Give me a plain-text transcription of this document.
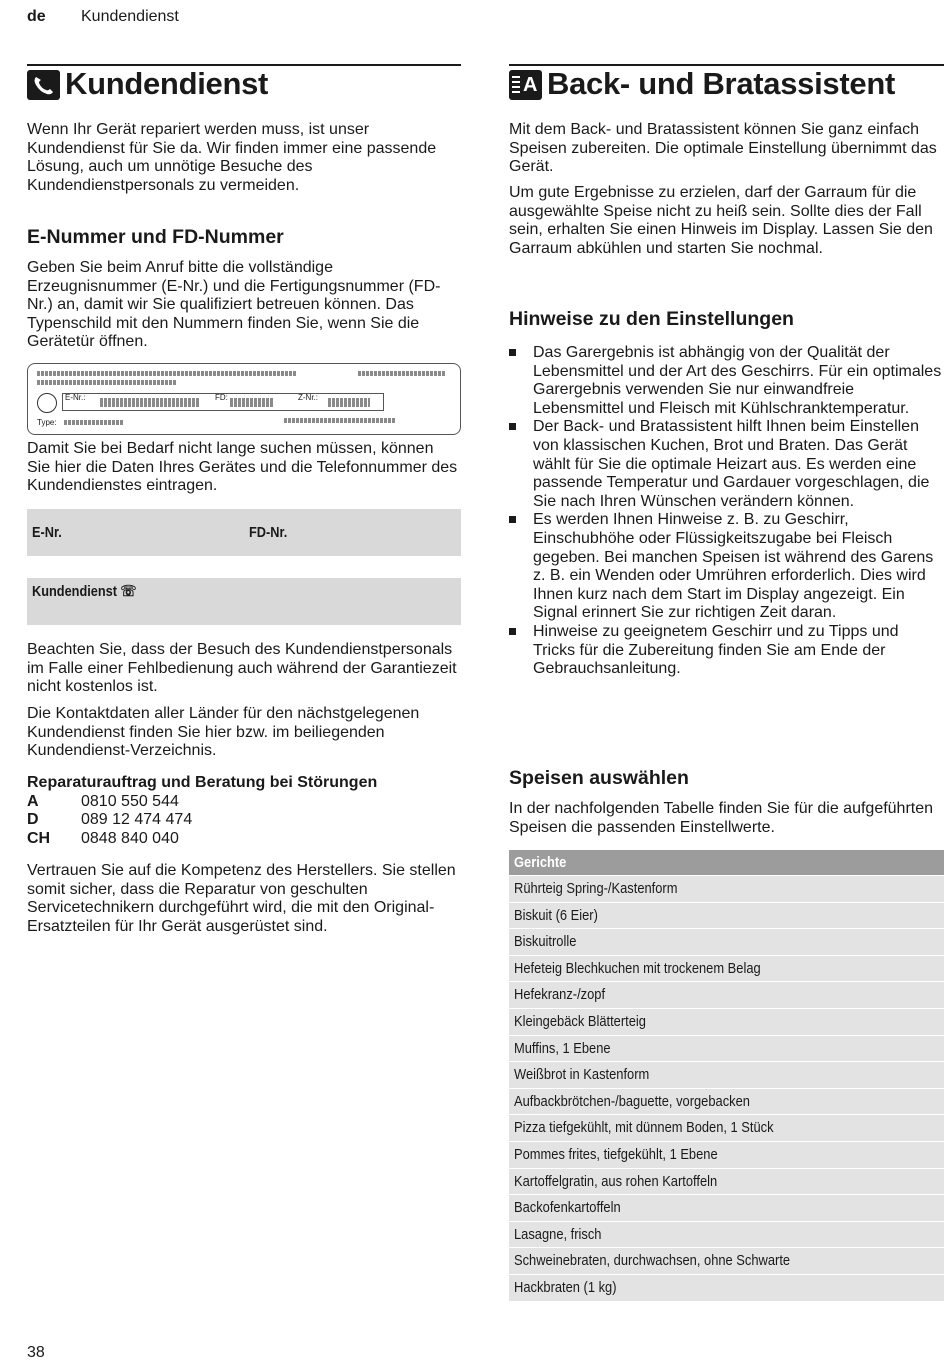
de Kundendienst
Kundendienst

Wenn Ihr Gerät repariert werden muss, ist unser Kundendienst für Sie da. Wir finden immer eine passende Lösung, auch um unnötige Besuche des Kundendienstpersonals zu vermeiden.

E-Nummer und FD-Nummer

Geben Sie beim Anruf bitte die vollständige Erzeugnisnummer (E-Nr.) und die Fertigungsnummer (FD-Nr.) an, damit wir Sie qualifiziert betreuen können. Das Typenschild mit den Nummern finden Sie, wenn Sie die Gerätetür öffnen.

E-Nr.:	FD:	Z-Nr.:
Type:

Damit Sie bei Bedarf nicht lange suchen müssen, können Sie hier die Daten Ihres Gerätes und die Telefonnummer des Kundendienstes eintragen.

E-Nr.	FD-Nr.
Kundendienst ☏

Beachten Sie, dass der Besuch des Kundendienstpersonals im Falle einer Fehlbedienung auch während der Garantiezeit nicht kostenlos ist.

Die Kontaktdaten aller Länder für den nächstgelegenen Kundendienst finden Sie hier bzw. im beiliegenden Kundendienst-Verzeichnis.

Reparaturauftrag und Beratung bei Störungen
A	0810 550 544
D	089 12 474 474
CH 0848 840 040

Vertrauen Sie auf die Kompetenz des Herstellers. Sie stellen somit sicher, dass die Reparatur von geschulten Servicetechnikern durchgeführt wird, die mit den Original-Ersatzteilen für Ihr Gerät ausgerüstet sind.

A Back- und Bratassistent

Mit dem Back- und Bratassistent können Sie ganz einfach Speisen zubereiten. Die optimale Einstellung übernimmt das Gerät.

Um gute Ergebnisse zu erzielen, darf der Garraum für die ausgewählte Speise nicht zu heiß sein. Sollte dies der Fall sein, erhalten Sie einen Hinweis im Display. Lassen Sie den Garraum abkühlen und starten Sie nochmal.

Hinweise zu den Einstellungen
Das Garergebnis ist abhängig von der Qualität der Lebensmittel und der Art des Geschirrs. Für ein optimales Garergebnis verwenden Sie nur einwandfreie Lebensmittel und Fleisch mit Kühlschranktemperatur.
Der Back- und Bratassistent hilft Ihnen beim Einstellen von klassischen Kuchen, Brot und Braten. Das Gerät wählt für Sie die optimale Heizart aus. Es werden eine passende Temperatur und Gardauer vorgeschlagen, die Sie nach Ihren Wünschen verändern können.
Es werden Ihnen Hinweise z. B. zu Geschirr, Einschubhöhe oder Flüssigkeitszugabe bei Fleisch gegeben. Bei manchen Speisen ist während des Garens z. B. ein Wenden oder Umrühren erforderlich. Dies wird Ihnen kurz nach dem Start im Display angezeigt. Ein Signal erinnert Sie zur richtigen Zeit daran.
Hinweise zu geeignetem Geschirr und zu Tipps und Tricks für die Zubereitung finden Sie am Ende der Gebrauchsanleitung.
Speisen auswählen

In der nachfolgenden Tabelle finden Sie für die aufgeführten Speisen die passenden Einstellwerte.

Gerichte
Rührteig Spring-/Kastenform
Biskuit (6 Eier)
Biskuitrolle
Hefeteig Blechkuchen mit trockenem Belag
Hefekranz-/zopf
Kleingebäck Blätterteig
Muffins, 1 Ebene
Weißbrot in Kastenform
Aufbackbrötchen-/baguette, vorgebacken
Pizza tiefgekühlt, mit dünnem Boden, 1 Stück
Pommes frites, tiefgekühlt, 1 Ebene
Kartoffelgratin, aus rohen Kartoffeln
Backofenkartoffeln
Lasagne, frisch
Schweinebraten, durchwachsen, ohne Schwarte
Hackbraten (1 kg)
38
